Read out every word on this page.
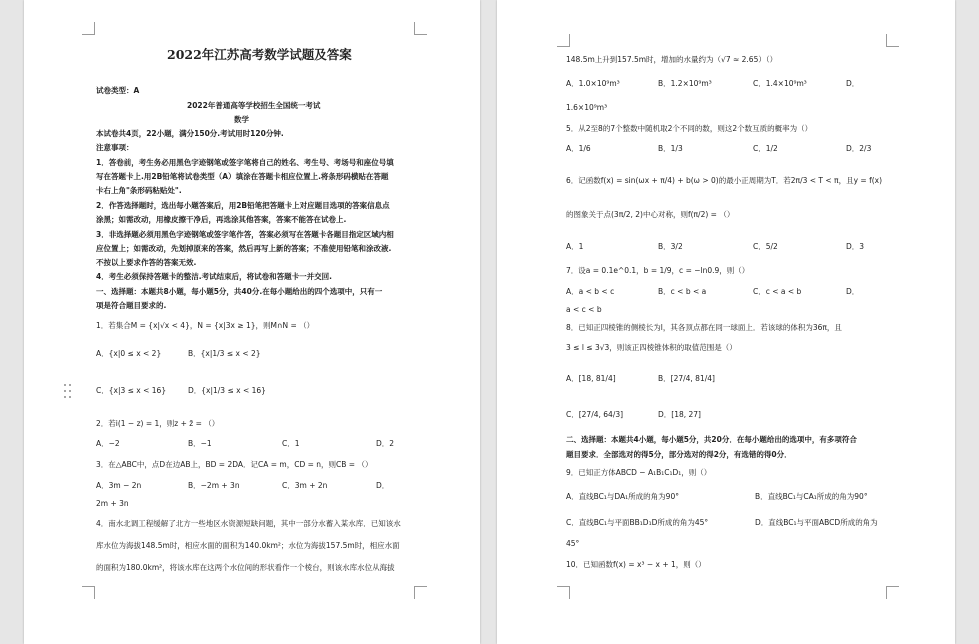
2022年江苏高考数学试题及答案
试卷类型：A
2022年普通高等学校招生全国统一考试
数学
本试卷共4页，22小题，满分150分.考试用时120分钟.
注意事项：
1．答卷前，考生务必用黑色字迹钢笔或签字笔将自己的姓名、考生号、考场号和座位号填
写在答题卡上.用2B铅笔将试卷类型（A）填涂在答题卡相应位置上.将条形码横贴在答题
卡右上角"条形码粘贴处".
2．作答选择题时，选出每小题答案后，用2B铅笔把答题卡上对应题目选项的答案信息点
涂黑；如需改动，用橡皮擦干净后，再选涂其他答案，答案不能答在试卷上.
3．非选择题必须用黑色字迹钢笔或签字笔作答，答案必须写在答题卡各题目指定区域内相
应位置上；如需改动，先划掉原来的答案，然后再写上新的答案；不准使用铅笔和涂改液.
不按以上要求作答的答案无效.
4．考生必须保持答题卡的整洁.考试结束后，将试卷和答题卡一并交回.
一、选择题：本题共8小题，每小题5分，共40分.在每小题给出的四个选项中，只有一
项是符合题目要求的.
1．若集合M = {x|√x < 4}，N = {x|3x ≥ 1}，则M∩N = （）
A．{x|0 ≤ x < 2}	B．{x|1/3 ≤ x < 2}
C．{x|3 ≤ x < 16}	D．{x|1/3 ≤ x < 16}
2．若i(1 − z) = 1，则z + z̄ = （）
A．−2	B．−1	C．1	D．2
3．在△ABC中，点D在边AB上，BD = 2DA．记CA = m，CD = n，则CB = （）
A．3m − 2n	B．−2m + 3n	C．3m + 2n	D．
2m + 3n
4．南水北调工程缓解了北方一些地区水资源短缺问题，其中一部分水蓄入某水库．已知该水
库水位为海拔148.5m时，相应水面的面积为140.0km²；水位为海拔157.5m时，相应水面
的面积为180.0km²，将该水库在这两个水位间的形状看作一个棱台，则该水库水位从海拔
148.5m上升到157.5m时，增加的水量约为（√7 ≈ 2.65）（）
A．1.0×10⁹m³	B．1.2×10⁹m³	C．1.4×10⁹m³	D．
1.6×10⁹m³
5．从2至8的7个整数中随机取2个不同的数，则这2个数互质的概率为（）
A．1/6	B．1/3	C．1/2	D．2/3
6．记函数f(x) = sin(ωx + π/4) + b(ω > 0)的最小正周期为T．若2π/3 < T < π，且y = f(x)
的图象关于点(3π/2, 2)中心对称，则f(π/2) = （）
A．1	B．3/2	C．5/2	D．3
7．设a = 0.1e^0.1，b = 1/9，c = −ln0.9，则（）
A．a < b < c	B．c < b < a	C．c < a < b	D．
a < c < b
8．已知正四棱锥的侧棱长为l，其各顶点都在同一球面上．若该球的体积为36π，且
3 ≤ l ≤ 3√3，则该正四棱锥体积的取值范围是（）
A．[18, 81/4]	B．[27/4, 81/4]
C．[27/4, 64/3]	D．[18, 27]
二、选择题：本题共4小题，每小题5分，共20分．在每小题给出的选项中，有多项符合
题目要求．全部选对的得5分，部分选对的得2分，有选错的得0分．
9．已知正方体ABCD − A₁B₁C₁D₁，则（）
A．直线BC₁与DA₁所成的角为90°	B．直线BC₁与CA₁所成的角为90°
C．直线BC₁与平面BB₁D₁D所成的角为45°	D．直线BC₁与平面ABCD所成的角为
45°
10．已知函数f(x) = x³ − x + 1，则（）
